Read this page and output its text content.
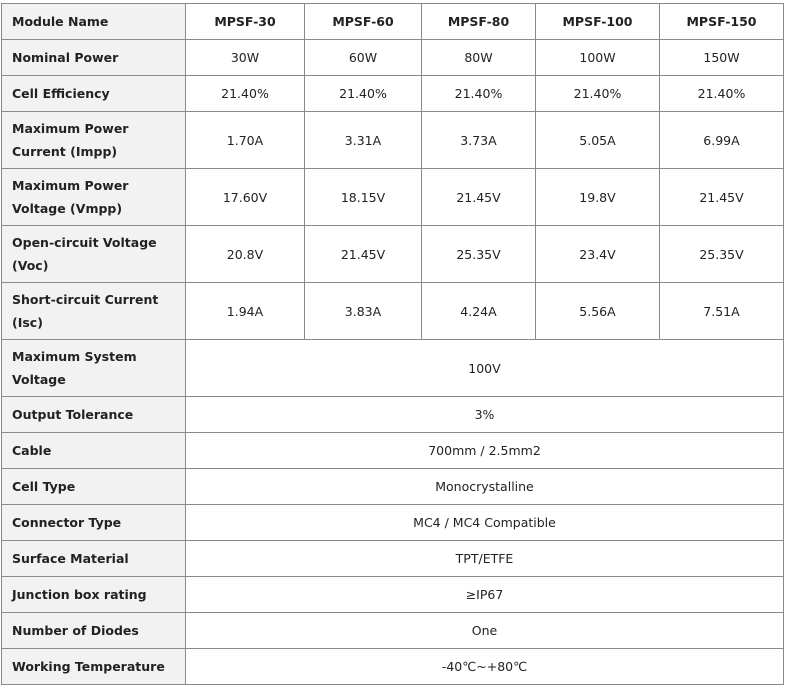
Module Name	MPSF-30	MPSF-60	MPSF-80	MPSF-100	MPSF-150
Nominal Power	30W	60W	80W	100W	150W
Cell Efficiency	21.40%	21.40%	21.40%	21.40%	21.40%
Maximum Power Current (Impp)	1.70A	3.31A	3.73A	5.05A	6.99A
Maximum Power Voltage (Vmpp)	17.60V	18.15V	21.45V	19.8V	21.45V
Open-circuit Voltage (Voc)	20.8V	21.45V	25.35V	23.4V	25.35V
Short-circuit Current (Isc)	1.94A	3.83A	4.24A	5.56A	7.51A
Maximum System Voltage	100V				
Output Tolerance	3%				
Cable	700mm / 2.5mm2				
Cell Type	Monocrystalline				
Connector Type	MC4 / MC4 Compatible				
Surface Material	TPT/ETFE				
Junction box rating	≥IP67				
Number of Diodes	One				
Working Temperature	-40℃~+80℃				
